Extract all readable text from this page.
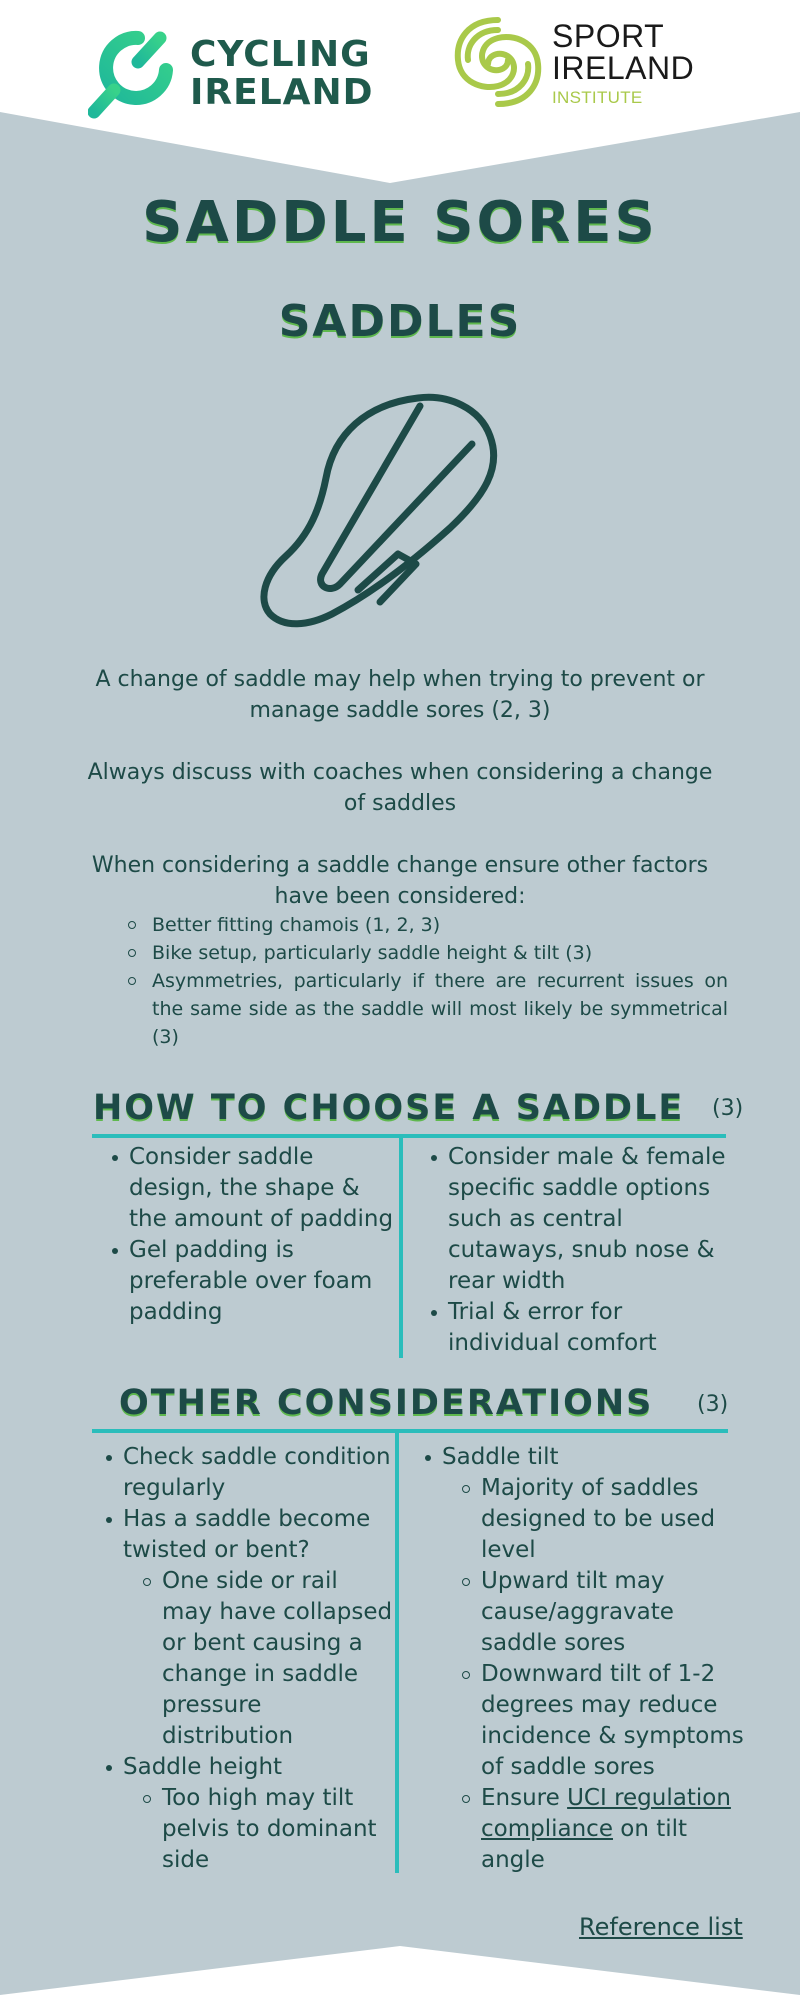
CYCLING
IRELAND
SPORT
IRELAND
INSTITUTE
SADDLE SORES
SADDLES
A change of saddle may help when trying to prevent or manage saddle sores (2, 3)
Always discuss with coaches when considering a change of saddles
When considering a saddle change ensure other factors have been considered:
Better fitting chamois (1, 2, 3)
Bike setup, particularly saddle height & tilt (3)
Asymmetries, particularly if there are recurrent issues on the same side as the saddle will most likely be symmetrical (3)
HOW TO CHOOSE A SADDLE (3)
Consider saddle design, the shape & the amount of padding
Gel padding is preferable over foam padding
Consider male & female specific saddle options such as central cutaways, snub nose & rear width
Trial & error for individual comfort
OTHER CONSIDERATIONS (3)
Check saddle condition regularly
Has a saddle become twisted or bent?
One side or rail may have collapsed or bent causing a change in saddle pressure distribution
Saddle height
Too high may tilt pelvis to dominant side
Saddle tilt
Majority of saddles designed to be used level
Upward tilt may cause/aggravate saddle sores
Downward tilt of 1-2 degrees may reduce incidence & symptoms of saddle sores
Ensure UCI regulation compliance on tilt angle
Reference list
